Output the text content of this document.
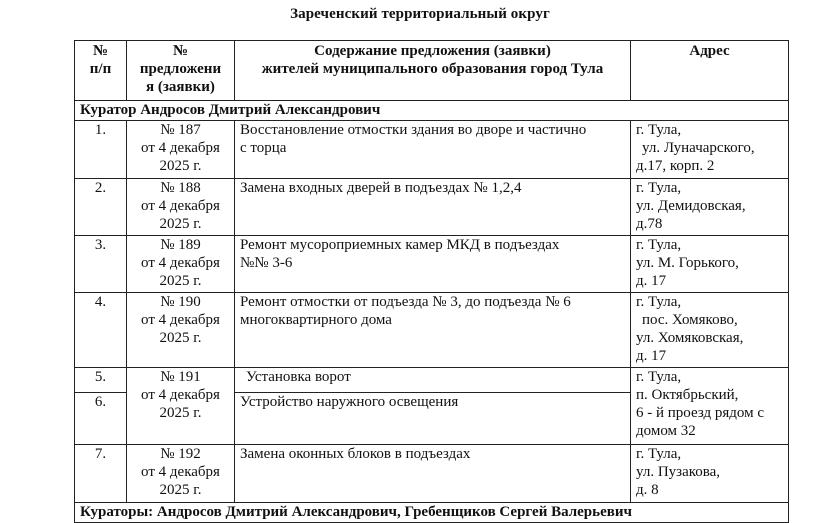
Зареченский территориальный округ
№
п/п	№
предложени
я (заявки)	Содержание предложения (заявки)
жителей муниципального образования город Тула	Адрес

Куратор Андросов Дмитрий Александрович			
1.	№ 187
от 4 декабря
2025 г.	Восстановление отмостки здания во дворе и частично
с торца	г. Тула,
ул. Луначарского,
д.17, корп. 2

2.	№ 188
от 4 декабря
2025 г.	Замена входных дверей в подъездах № 1,2,4	г. Тула,
ул. Демидовская,
д.78

3.	№ 189
от 4 декабря
2025 г.	Ремонт мусороприемных камер МКД в подъездах
№№ 3-6	г. Тула,
ул. М. Горького,
д. 17

4.	№ 190
от 4 декабря
2025 г.	Ремонт отмостки от подъезда № 3, до подъезда № 6
многоквартирного дома	г. Тула,
пос. Хомяково,
ул. Хомяковская,
д. 17

5.	№ 191
от 4 декабря
2025 г.	Установка ворот	г. Тула,
п. Октябрьский,
6 - й проезд рядом с
домом 32

6.		Устройство наружного освещения	

7.	№ 192
от 4 декабря
2025 г.	Замена оконных блоков в подъездах	г. Тула,
ул. Пузакова,
д. 8

Кураторы: Андросов Дмитрий Александрович, Гребенщиков Сергей Валерьевич			
